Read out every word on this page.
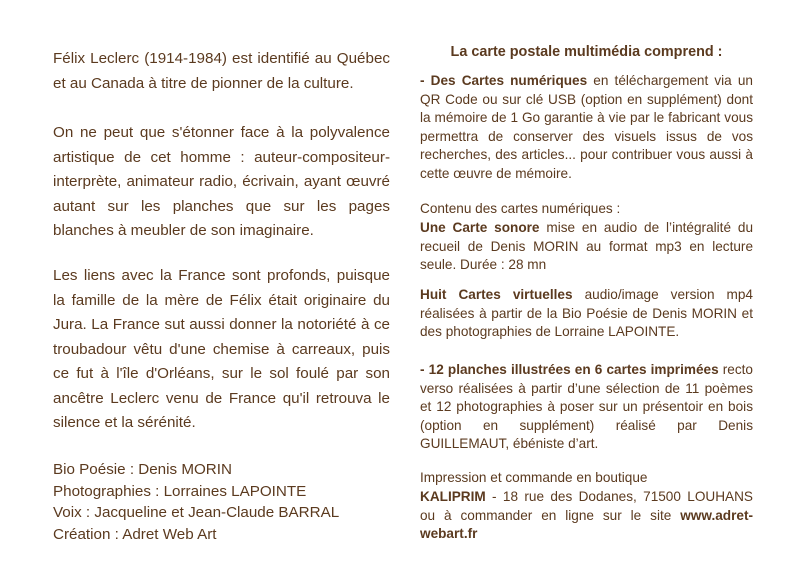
Félix Leclerc (1914-1984) est identifié au Québec et au Canada à titre de pionner de la culture.

On ne peut que s'étonner face à la polyvalence artistique de cet homme : auteur-compositeur-interprète, animateur radio, écrivain, ayant œuvré autant sur les planches que sur les pages blanches à meubler de son imaginaire.

Les liens avec la France sont profonds, puisque la famille de la mère de Félix était originaire du Jura. La France sut aussi donner la notoriété à ce troubadour vêtu d'une chemise à carreaux, puis ce fut à l'île d'Orléans, sur le sol foulé par son ancêtre Leclerc venu de France qu'il retrouva le silence et la sérénité.

Bio Poésie : Denis MORIN
Photographies : Lorraines LAPOINTE
Voix : Jacqueline et Jean-Claude BARRAL
Création : Adret Web Art
La carte postale multimédia comprend :

- Des Cartes numériques en téléchargement via un QR Code ou sur clé USB (option en supplément) dont la mémoire de 1 Go garantie à vie par le fabricant vous permettra de conserver des visuels issus de vos recherches, des articles... pour contribuer vous aussi à cette œuvre de mémoire.

Contenu des cartes numériques :

Une Carte sonore mise en audio de l’intégralité du recueil de Denis MORIN au format mp3 en lecture seule. Durée : 28 mn

Huit Cartes virtuelles audio/image version mp4 réalisées à partir de la Bio Poésie de Denis MORIN et des photographies de Lorraine LAPOINTE.

- 12 planches illustrées en 6 cartes imprimées recto verso réalisées à partir d’une sélection de 11 poèmes et 12 photographies à poser sur un présentoir en bois (option en supplément) réalisé par Denis GUILLEMAUT, ébéniste d’art.

Impression et commande en boutique

KALIPRIM - 18 rue des Dodanes, 71500 LOUHANS ou à commander en ligne sur le site www.adret-webart.fr
